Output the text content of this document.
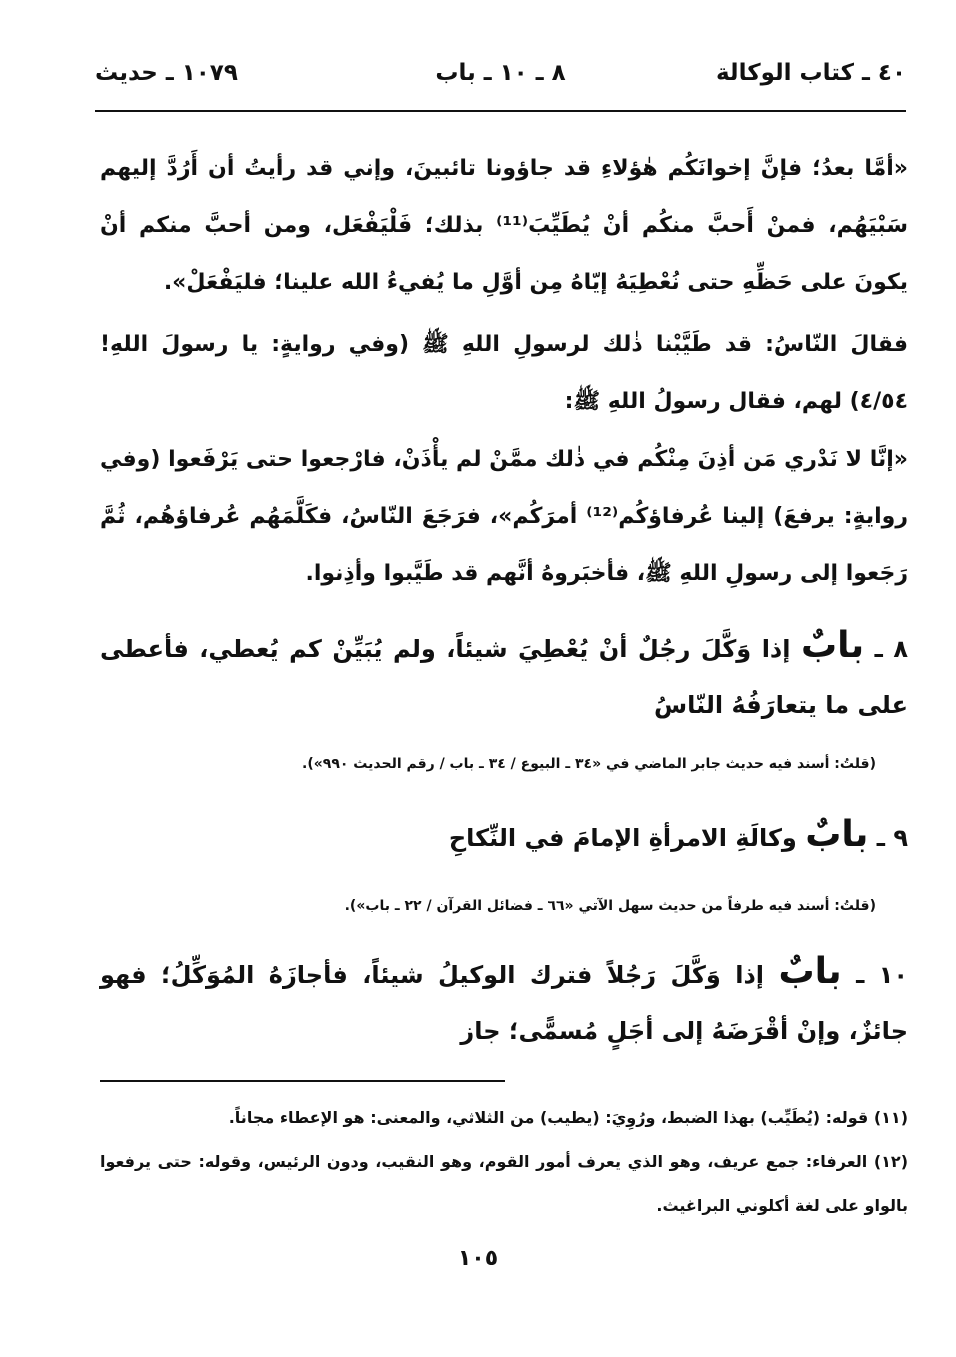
٤٠ ـ كتاب الوكالة
٨ ـ ١٠ ـ باب
١٠٧٩ ـ حديث
«أمَّا بعدُ؛ فإنَّ إخوانَكُم هٰؤلاءِ قد جاؤونا تائبينَ، وإني قد رأيتُ أن أَرُدَّ إليهم سَبْيَهُم، فمنْ أَحبَّ منكُم أنْ يُطَيِّبَ⁽¹¹⁾ بذلك؛ فَلْيَفْعَل، ومن أحبَّ منكم أنْ يكونَ على حَظِّهِ حتى نُعْطِيَهُ إيّاهُ مِن أوَّلِ ما يُفيءُ الله علينا؛ فليَفْعَلْ».
فقالَ النّاسُ: قد طَيَّبْنا ذٰلك لرسولِ اللهِ ﷺ (وفي روايةٍ: يا رسولَ اللهِ! ٤/٥٤) لهم، فقال رسولُ اللهِ ﷺ:
«إنَّا لا نَدْري مَن أذِنَ مِنْكُم في ذٰلك ممَّنْ لم يأْذَنْ، فارْجعوا حتى يَرْفَعوا (وفي روايةٍ: يرفعَ) إلينا عُرفاؤكُم⁽¹²⁾ أمرَكُم»، فرَجَعَ النّاسُ، فكَلَّمَهُم عُرفاؤهُم، ثُمَّ رَجَعوا إلى رسولِ اللهِ ﷺ، فأخبَروهُ أنَّهم قد طَيَّبوا وأذِنوا.
٨ ـ بابٌ إذا وَكَّلَ رجُلٌ أنْ يُعْطِيَ شيئاً، ولم يُبَيِّنْ كم يُعطي، فأعطى على ما يتعارَفُهُ النّاسُ
(قلتُ: أسند فيه حديث جابر الماضي في «٣٤ ـ البيوع / ٣٤ ـ باب / رقم الحديث ٩٩٠»).
٩ ـ بابٌ وكالَةِ الامرأةِ الإمامَ في النِّكاحِ
(قلتُ: أسند فيه طرفاً من حديث سهل الآتي «٦٦ ـ فضائل القرآن / ٢٢ ـ باب»).
١٠ ـ بابٌ إذا وَكَّلَ رَجُلاً فترك الوكيلُ شيئاً، فأجازَهُ المُوَكِّلُ؛ فهو جائزٌ، وإنْ أقْرَضَهُ إلى أجَلٍ مُسمًّى؛ جاز
(١١) قوله: (يُطَيِّب) بهذا الضبط، ورُوِيَ: (يطيب) من الثلاثي، والمعنى: هو الإعطاء مجاناً.
(١٢) العرفاء: جمع عريف، وهو الذي يعرف أمور القوم، وهو النقيب، ودون الرئيس، وقوله: حتى يرفعوا بالواو على لغة أكلوني البراغيث.
١٠٥
